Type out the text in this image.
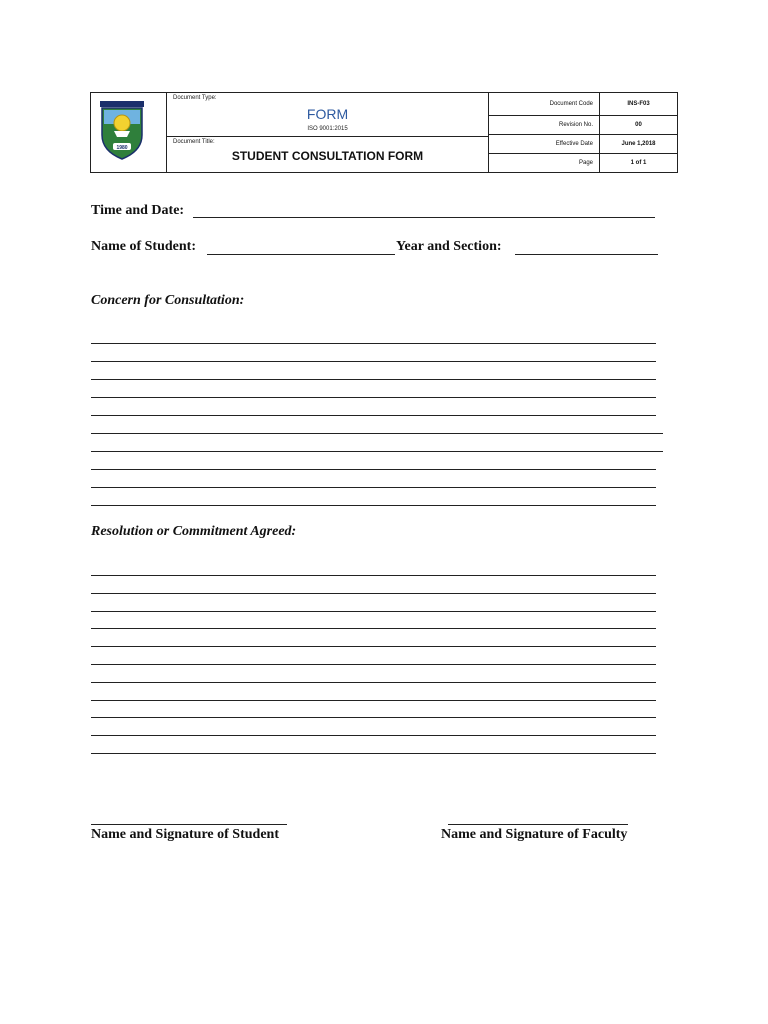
1980
Document Type:
FORM
ISO 9001:2015
Document Title:
STUDENT CONSULTATION FORM
Document Code	INS-F03
Revision No.	00
Effective Date	June 1,2018
Page	1 of 1
Time and Date:
Name of Student:	Year and Section:
Concern for Consultation:
Resolution or Commitment Agreed:
Name and Signature of Student	Name and Signature of Faculty
